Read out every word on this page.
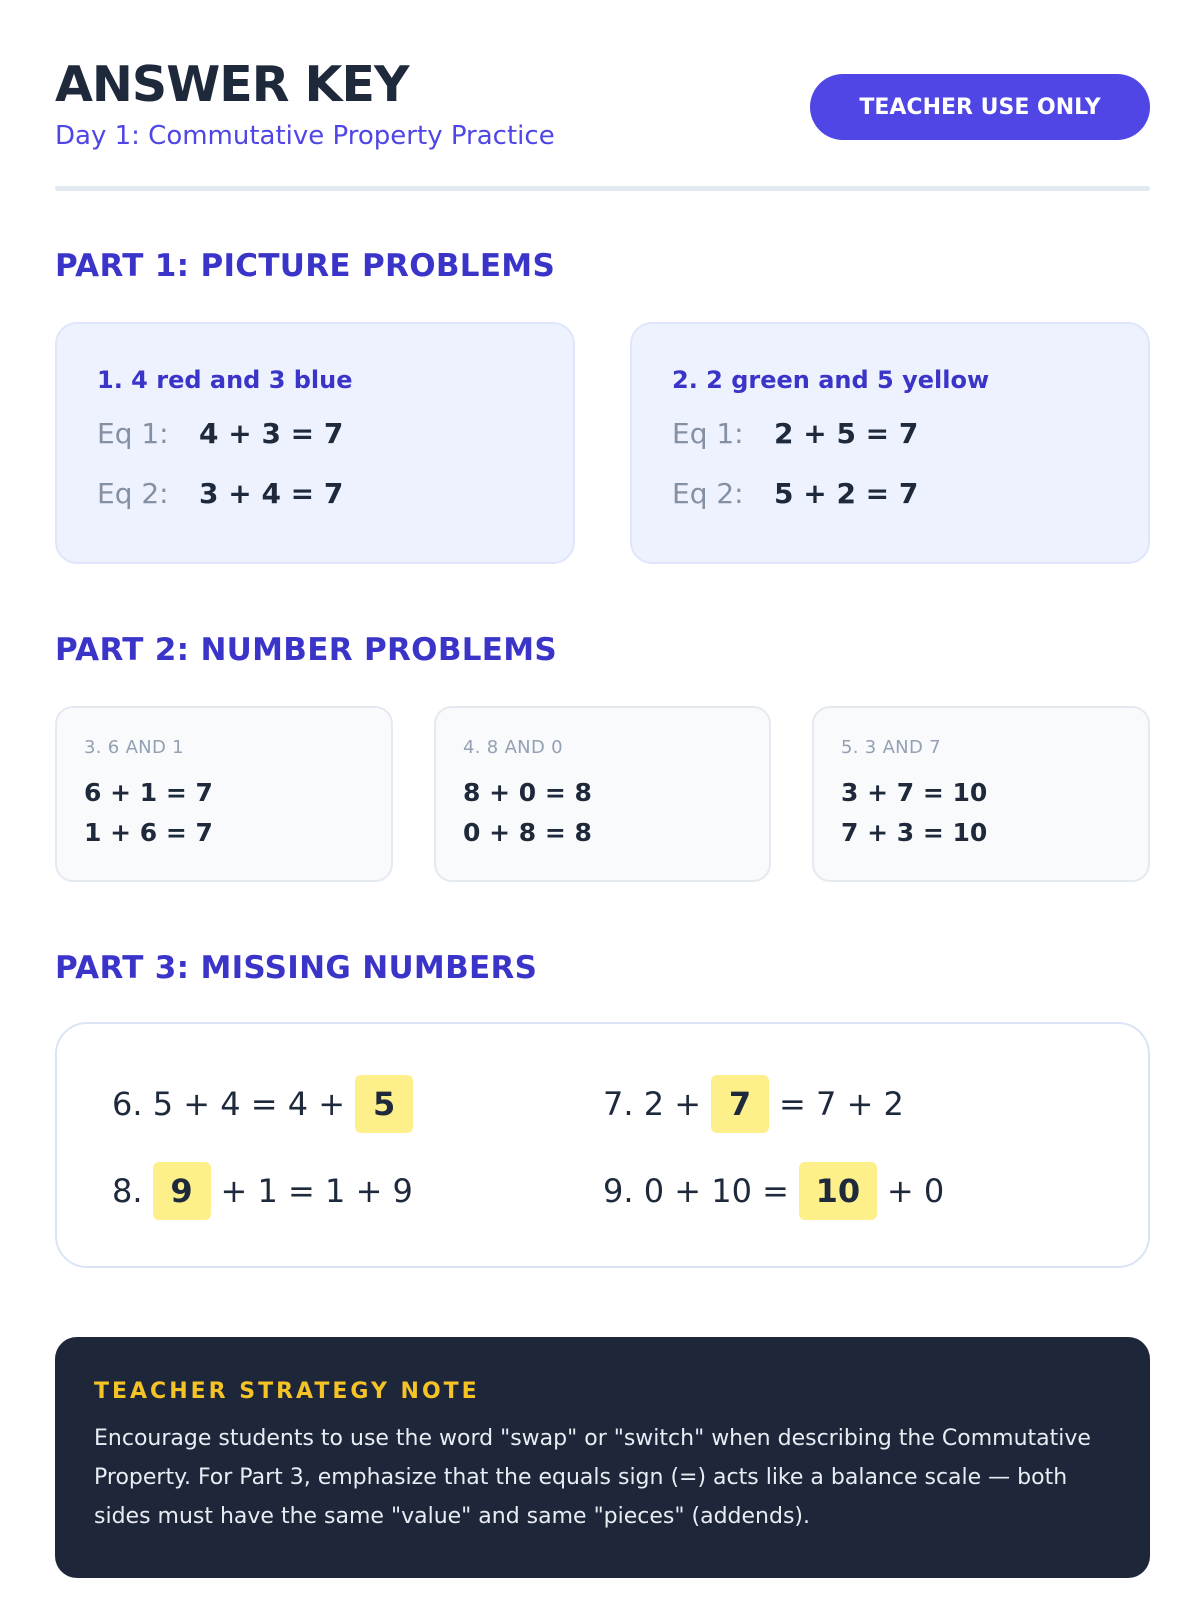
ANSWER KEY
Day 1: Commutative Property Practice
TEACHER USE ONLY
PART 1: PICTURE PROBLEMS
1. 4 red and 3 blue
Eq 1: 4 + 3 = 7
Eq 2: 3 + 4 = 7
2. 2 green and 5 yellow
Eq 1: 2 + 5 = 7
Eq 2: 5 + 2 = 7
PART 2: NUMBER PROBLEMS
3. 6 AND 1
6 + 1 = 7
1 + 6 = 7
4. 8 AND 0
8 + 0 = 8
0 + 8 = 8
5. 3 AND 7
3 + 7 = 10
7 + 3 = 10
PART 3: MISSING NUMBERS
6. 5 + 4 = 4 + 5	7. 2 + 7 = 7 + 2
8. 9 + 1 = 1 + 9	9. 0 + 10 = 10 + 0
TEACHER STRATEGY NOTE
Encourage students to use the word "swap" or "switch" when describing the Commutative Property. For Part 3, emphasize that the equals sign (=) acts like a balance scale — both sides must have the same "value" and same "pieces" (addends).
